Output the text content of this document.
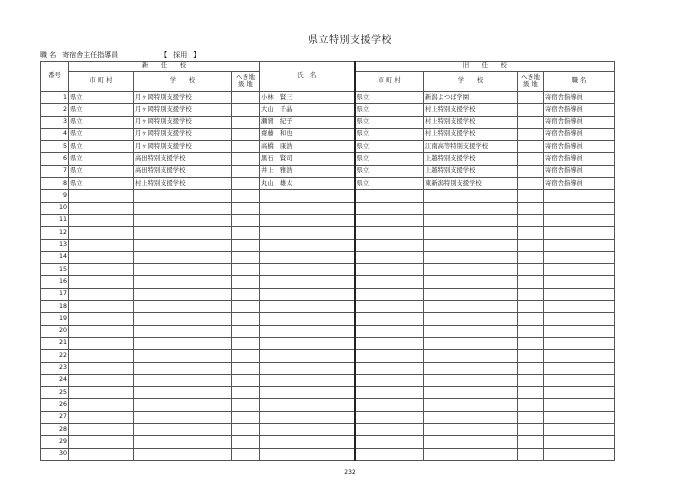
県立特別支援学校
職 名 寄宿舎主任指導員	【 採用 】
番号	新　　任　　校			氏　名	旧　　任　　校			
	市 町 村	学　　校	へき地
級 地		市 町 村	学　　校	へき地
級 地	職 名
1	県立	月ヶ岡特別支援学校		小林　賢三	県立	新潟よつば学園		寄宿舎指導員
2	県立	月ヶ岡特別支援学校		大山　千晶	県立	村上特別支援学校		寄宿舎指導員
3	県立	月ヶ岡特別支援学校		瀬賀　紀子	県立	村上特別支援学校		寄宿舎指導員
4	県立	月ヶ岡特別支援学校		齋藤　和也	県立	村上特別支援学校		寄宿舎指導員
5	県立	月ヶ岡特別支援学校		高橋　康浩	県立	江南高等特別支援学校		寄宿舎指導員
6	県立	高田特別支援学校		黒石　賢司	県立	上越特別支援学校		寄宿舎指導員
7	県立	高田特別支援学校		井上　雅浩	県立	上越特別支援学校		寄宿舎指導員
8	県立	村上特別支援学校		丸山　雄太	県立	東新潟特別支援学校		寄宿舎指導員
9								
10								
11								
12								
13								
14								
15								
16								
17								
18								
19								
20								
21								
22								
23								
24								
25								
26								
27								
28								
29								
30								
232
